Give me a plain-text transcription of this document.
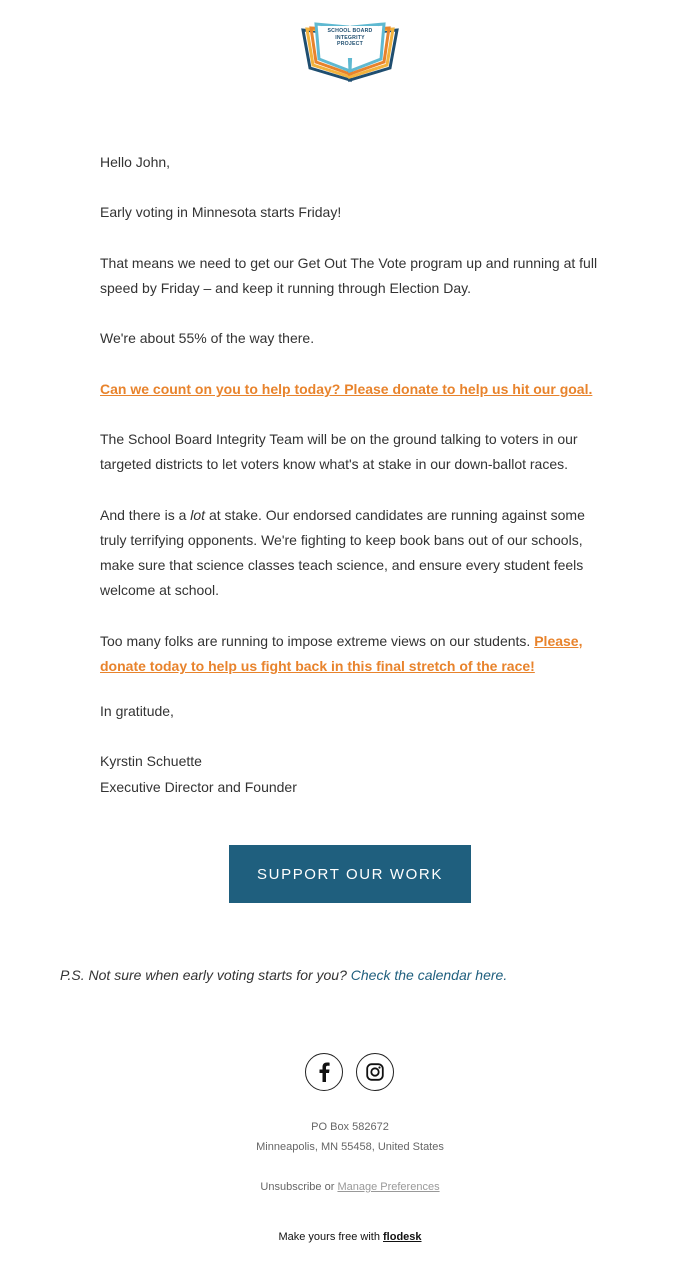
SCHOOL BOARD
INTEGRITY
PROJECT

Hello John,

Early voting in Minnesota starts Friday!

That means we need to get our Get Out The Vote program up and running at full speed by Friday – and keep it running through Election Day.

We're about 55% of the way there.

Can we count on you to help today? Please donate to help us hit our goal.

The School Board Integrity Team will be on the ground talking to voters in our targeted districts to let voters know what's at stake in our down-ballot races.

And there is a lot at stake. Our endorsed candidates are running against some truly terrifying opponents. We're fighting to keep book bans out of our schools, make sure that science classes teach science, and ensure every student feels welcome at school.

Too many folks are running to impose extreme views on our students. Please, donate today to help us fight back in this final stretch of the race!

In gratitude,

Kyrstin Schuette

Executive Director and Founder

SUPPORT OUR WORK

P.S. Not sure when early voting starts for you? Check the calendar here.

PO Box 582672

Minneapolis, MN 55458, United States

Unsubscribe or Manage Preferences

Make yours free with flodesk
